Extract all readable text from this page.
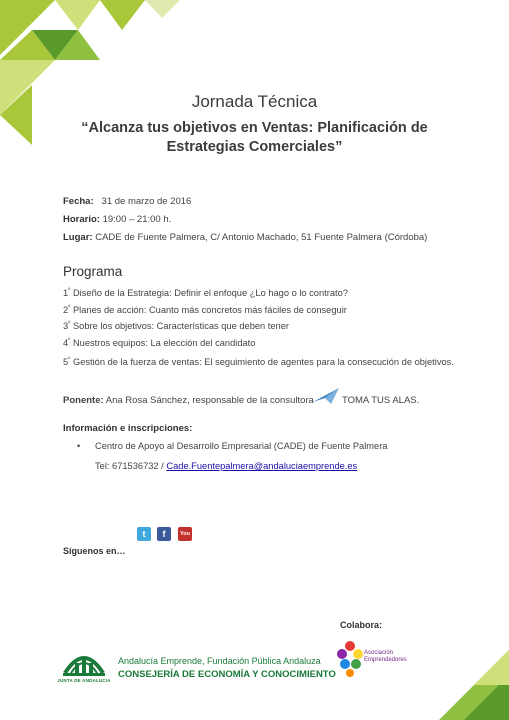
Jornada Técnica
“Alcanza tus objetivos en Ventas: Planificación de
Estrategias Comerciales”
Fecha: 31 de marzo de 2016
Horario: 19:00 – 21:00 h.
Lugar: CADE de Fuente Palmera, C/ Antonio Machado, 51 Fuente Palmera (Córdoba)
Programa
$1^º$ Diseño de la Estrategia: Definir el enfoque ¿Lo hago o lo contrato?
$2^º$ Planes de acción: Cuanto más concretos más fáciles de conseguir
$3^º$ Sobre los objetivos: Características que deben tener
$4^º$ Nuestros equipos: La elección del candidato
$5^º$ Gestión de la fuerza de ventas: El seguimiento de agentes para la consecución de objetivos.
Ponente: Ana Rosa Sánchez, responsable de la consultora	TOMA TUS ALAS.
Información e inscripciones:
• Centro de Apoyo al Desarrollo Empresarial (CADE) de Fuente Palmera
Tel: 671536732 / Cade.Fuentepalmera@andaluciaemprende.es
t	f	You Tube
Síguenos en…
Colabora:
JUNTA DE ANDALUCIA
Andalucía Emprende, Fundación Pública Andaluza
CONSEJERÍA DE ECONOMÍA Y CONOCIMIENTO
Asociación
Emprendedores
